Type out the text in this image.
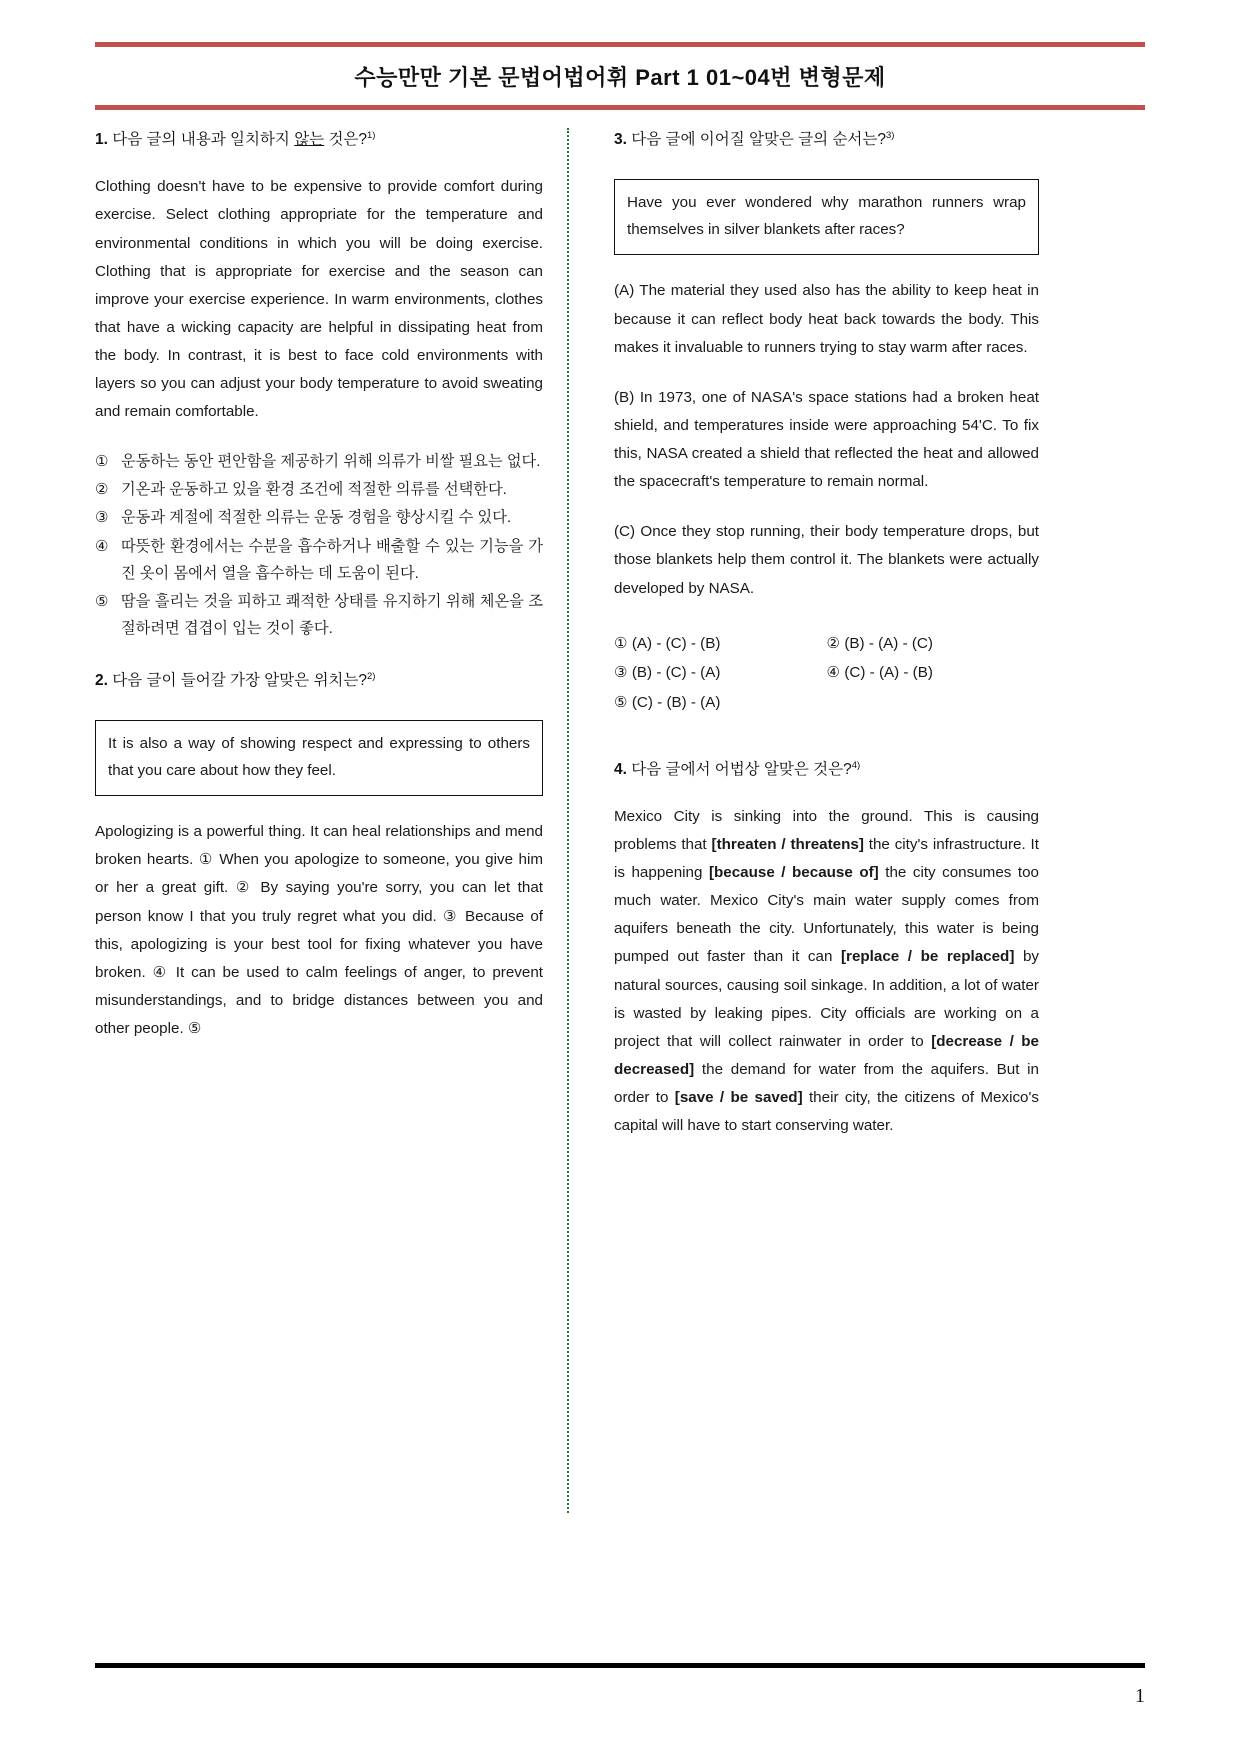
수능만만 기본 문법어법어휘 Part 1 01~04번 변형문제
1. 다음 글의 내용과 일치하지 않는 것은?$^{1)}$
Clothing doesn't have to be expensive to provide comfort during exercise. Select clothing appropriate for the temperature and environmental conditions in which you will be doing exercise. Clothing that is appropriate for exercise and the season can improve your exercise experience. In warm environments, clothes that have a wicking capacity are helpful in dissipating heat from the body. In contrast, it is best to face cold environments with layers so you can adjust your body temperature to avoid sweating and remain comfortable.
① 운동하는 동안 편안함을 제공하기 위해 의류가 비쌀 필요는 없다.
② 기온과 운동하고 있을 환경 조건에 적절한 의류를 선택한다.
③ 운동과 계절에 적절한 의류는 운동 경험을 향상시킬 수 있다.
④ 따뜻한 환경에서는 수분을 흡수하거나 배출할 수 있는 기능을 가진 옷이 몸에서 열을 흡수하는 데 도움이 된다.
⑤ 땀을 흘리는 것을 피하고 쾌적한 상태를 유지하기 위해 체온을 조절하려면 겹겹이 입는 것이 좋다.
2. 다음 글이 들어갈 가장 알맞은 위치는?$^{2)}$
It is also a way of showing respect and expressing to others that you care about how they feel.
Apologizing is a powerful thing. It can heal relationships and mend broken hearts. ① When you apologize to someone, you give him or her a great gift. ② By saying you're sorry, you can let that person know I that you truly regret what you did. ③ Because of this, apologizing is your best tool for fixing whatever you have broken. ④ It can be used to calm feelings of anger, to prevent misunderstandings, and to bridge distances between you and other people. ⑤
3. 다음 글에 이어질 알맞은 글의 순서는?$^{3)}$
Have you ever wondered why marathon runners wrap themselves in silver blankets after races?
(A) The material they used also has the ability to keep heat in because it can reflect body heat back towards the body. This makes it invaluable to runners trying to stay warm after races.
(B) In 1973, one of NASA's space stations had a broken heat shield, and temperatures inside were approaching 54'C. To fix this, NASA created a shield that reflected the heat and allowed the spacecraft's temperature to remain normal.
(C) Once they stop running, their body temperature drops, but those blankets help them control it. The blankets were actually developed by NASA.
① (A) - (C) - (B)	② (B) - (A) - (C)
③ (B) - (C) - (A)	④ (C) - (A) - (B)
⑤ (C) - (B) - (A)
4. 다음 글에서 어법상 알맞은 것은?$^{4)}$
Mexico City is sinking into the ground. This is causing problems that [threaten / threatens] the city's infrastructure. It is happening [because / because of] the city consumes too much water. Mexico City's main water supply comes from aquifers beneath the city. Unfortunately, this water is being pumped out faster than it can [replace / be replaced] by natural sources, causing soil sinkage. In addition, a lot of water is wasted by leaking pipes. City officials are working on a project that will collect rainwater in order to [decrease / be decreased] the demand for water from the aquifers. But in order to [save / be saved] their city, the citizens of Mexico's capital will have to start conserving water.
1
